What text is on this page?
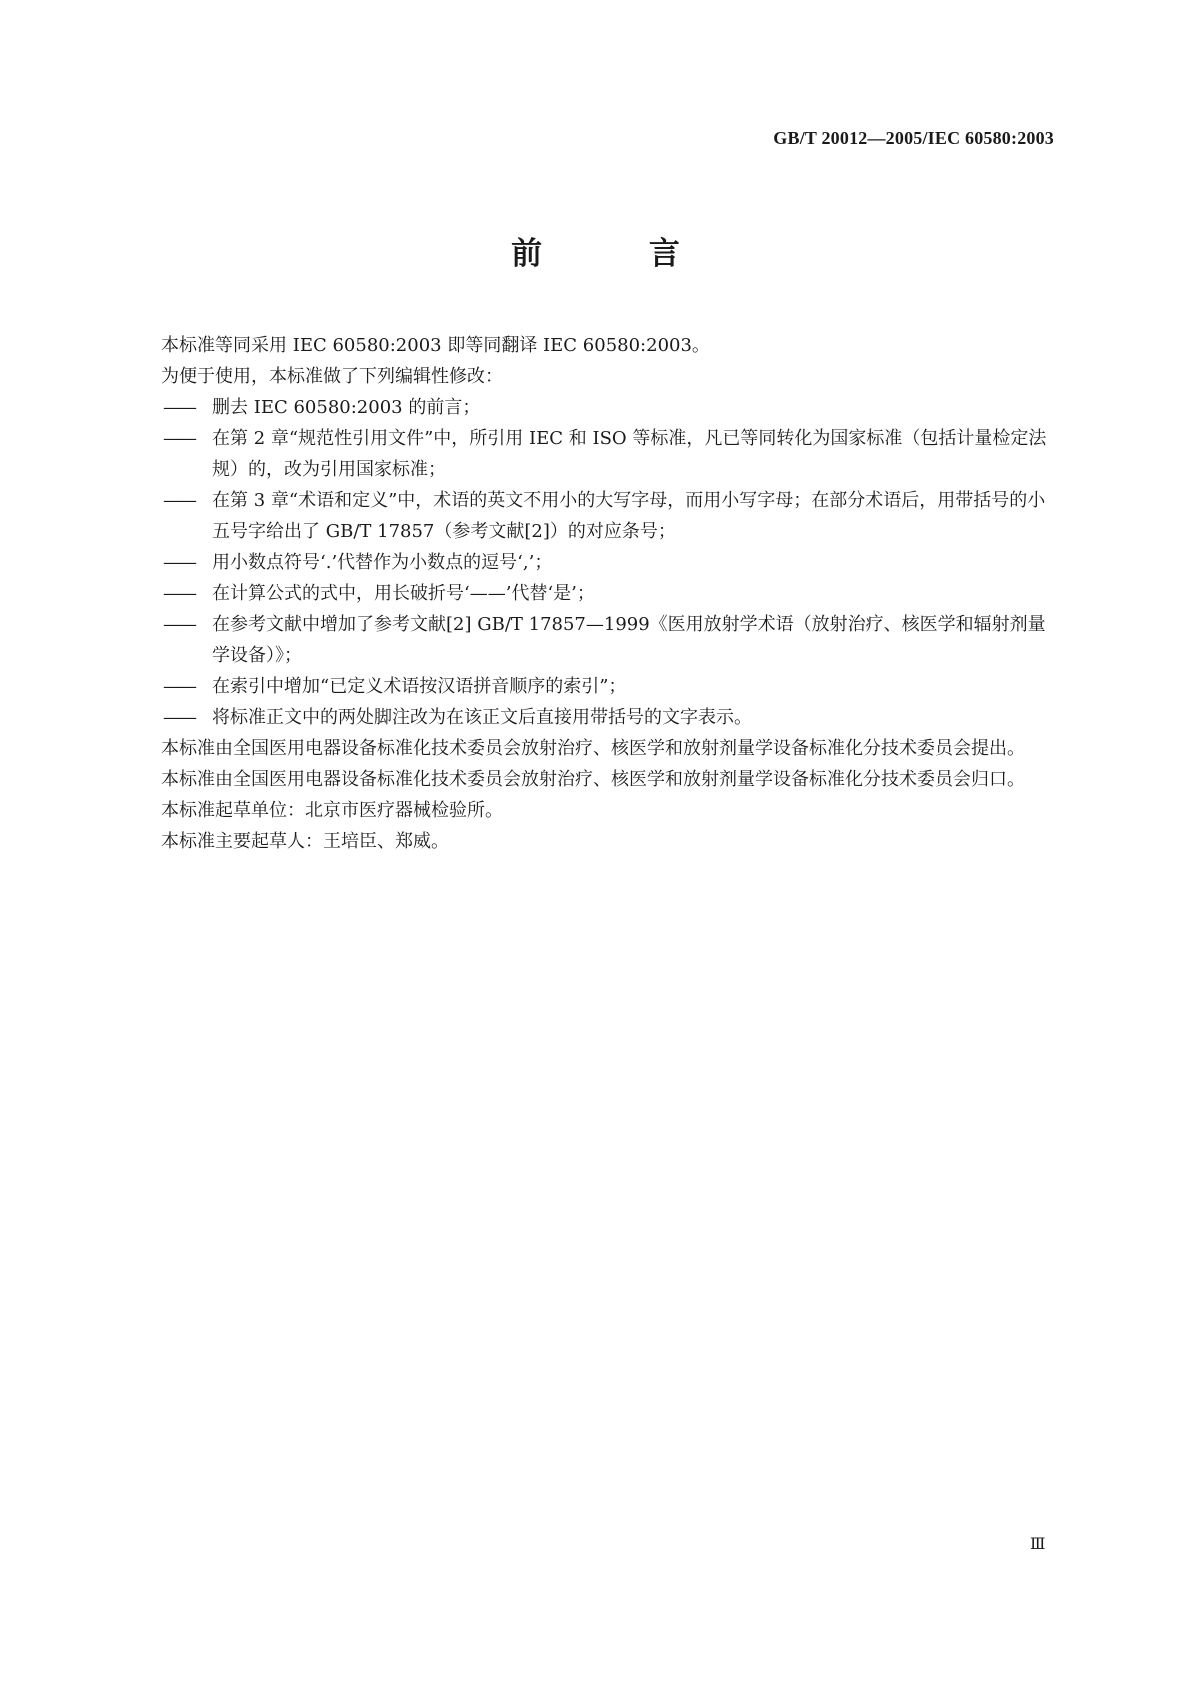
GB/T 20012—2005/IEC 60580:2003
前 言

本标准等同采用 IEC 60580:2003 即等同翻译 IEC 60580:2003。

为便于使用，本标准做了下列编辑性修改：

—— 删去 IEC 60580:2003 的前言；

—— 在第 2 章“规范性引用文件”中，所引用 IEC 和 ISO 等标准，凡已等同转化为国家标准（包括计量检定法规）的，改为引用国家标准；

—— 在第 3 章“术语和定义”中，术语的英文不用小的大写字母，而用小写字母；在部分术语后，用带括号的小五号字给出了 GB/T 17857（参考文献[2]）的对应条号；

—— 用小数点符号‘.’代替作为小数点的逗号‘,’；

—— 在计算公式的式中，用长破折号‘——’代替‘是’；

—— 在参考文献中增加了参考文献[2] GB/T 17857—1999《医用放射学术语（放射治疗、核医学和辐射剂量学设备）》；

—— 在索引中增加“已定义术语按汉语拼音顺序的索引”；

—— 将标准正文中的两处脚注改为在该正文后直接用带括号的文字表示。

本标准由全国医用电器设备标准化技术委员会放射治疗、核医学和放射剂量学设备标准化分技术委员会提出。

本标准由全国医用电器设备标准化技术委员会放射治疗、核医学和放射剂量学设备标准化分技术委员会归口。

本标准起草单位：北京市医疗器械检验所。

本标准主要起草人：王培臣、郑威。

Ⅲ
